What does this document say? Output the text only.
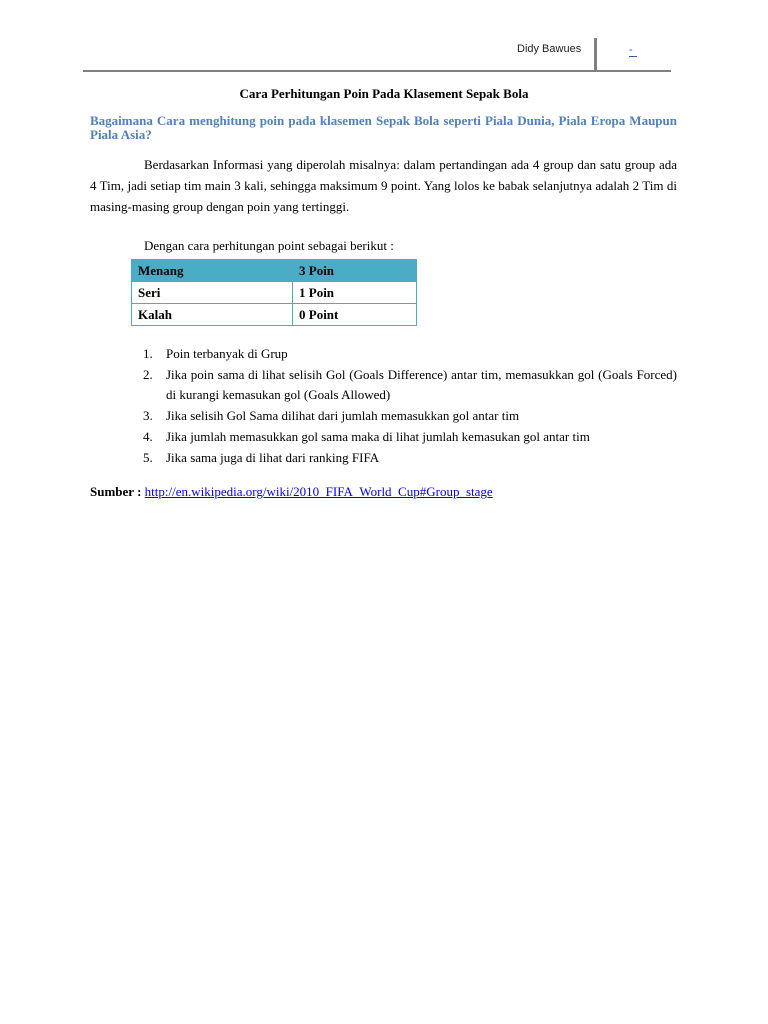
Didy Bawues	-
Cara Perhitungan Poin Pada Klasement Sepak Bola
Bagaimana Cara menghitung poin pada klasemen Sepak Bola seperti Piala Dunia, Piala Eropa Maupun Piala Asia?
Berdasarkan Informasi yang diperolah misalnya: dalam pertandingan ada 4 group dan satu group ada 4 Tim, jadi setiap tim main 3 kali, sehingga maksimum 9 point. Yang lolos ke babak selanjutnya adalah 2 Tim di masing-masing group dengan poin yang tertinggi.
Dengan cara perhitungan point sebagai berikut :
Menang	3 Poin
Seri	1 Poin
Kalah	0 Point
1. Poin terbanyak di Grup
2. Jika poin sama di lihat selisih Gol (Goals Difference) antar tim, memasukkan gol (Goals Forced) di kurangi kemasukan gol (Goals Allowed)
3. Jika selisih Gol Sama dilihat dari jumlah memasukkan gol antar tim
4. Jika jumlah memasukkan gol sama maka di lihat jumlah kemasukan gol antar tim
5. Jika sama juga di lihat dari ranking FIFA
Sumber : http://en.wikipedia.org/wiki/2010_FIFA_World_Cup#Group_stage
